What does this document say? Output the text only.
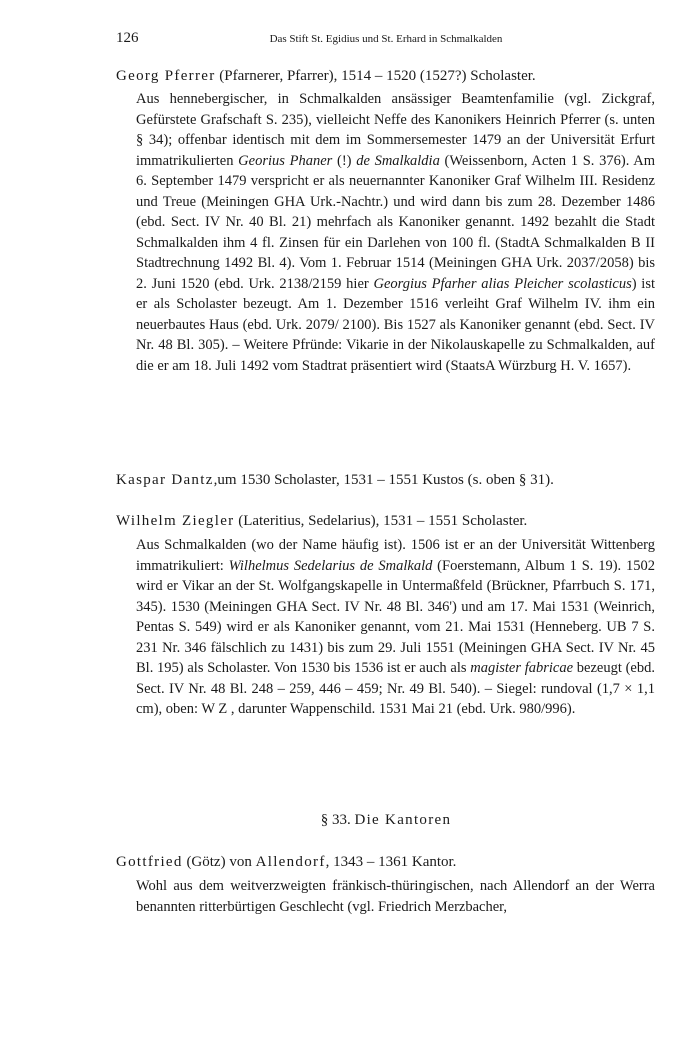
126	Das Stift St. Egidius und St. Erhard in Schmalkalden
Georg Pferrer (Pfarnerer, Pfarrer), 1514 – 1520 (1527?) Scholaster.
Aus hennebergischer, in Schmalkalden ansässiger Beamtenfamilie (vgl. Zickgraf, Gefürstete Grafschaft S. 235), vielleicht Neffe des Kanonikers Heinrich Pferrer (s. unten § 34); offenbar identisch mit dem im Sommersemester 1479 an der Universität Erfurt immatrikulierten Georius Phaner (!) de Smalkaldia (Weissenborn, Acten 1 S. 376). Am 6. September 1479 verspricht er als neuernannter Kanoniker Graf Wilhelm III. Residenz und Treue (Meiningen GHA Urk.-Nachtr.) und wird dann bis zum 28. Dezember 1486 (ebd. Sect. IV Nr. 40 Bl. 21) mehrfach als Kanoniker genannt. 1492 bezahlt die Stadt Schmalkalden ihm 4 fl. Zinsen für ein Darlehen von 100 fl. (StadtA Schmalkalden B II Stadtrechnung 1492 Bl. 4). Vom 1. Februar 1514 (Meiningen GHA Urk. 2037/2058) bis 2. Juni 1520 (ebd. Urk. 2138/2159 hier Georgius Pfarher alias Pleicher scolasticus) ist er als Scholaster bezeugt. Am 1. Dezember 1516 verleiht Graf Wilhelm IV. ihm ein neuerbautes Haus (ebd. Urk. 2079/ 2100). Bis 1527 als Kanoniker genannt (ebd. Sect. IV Nr. 48 Bl. 305). – Weitere Pfründe: Vikarie in der Nikolauskapelle zu Schmalkalden, auf die er am 18. Juli 1492 vom Stadtrat präsentiert wird (StaatsA Würzburg H. V. 1657).
Kaspar Dantz,um 1530 Scholaster, 1531 – 1551 Kustos (s. oben § 31).
Wilhelm Ziegler (Lateritius, Sedelarius), 1531 – 1551 Scholaster.
Aus Schmalkalden (wo der Name häufig ist). 1506 ist er an der Universität Wittenberg immatrikuliert: Wilhelmus Sedelarius de Smalkald (Foerstemann, Album 1 S. 19). 1502 wird er Vikar an der St. Wolfgangskapelle in Untermaßfeld (Brückner, Pfarrbuch S. 171, 345). 1530 (Meiningen GHA Sect. IV Nr. 48 Bl. 346') und am 17. Mai 1531 (Weinrich, Pentas S. 549) wird er als Kanoniker genannt, vom 21. Mai 1531 (Henneberg. UB 7 S. 231 Nr. 346 fälschlich zu 1431) bis zum 29. Juli 1551 (Meiningen GHA Sect. IV Nr. 45 Bl. 195) als Scholaster. Von 1530 bis 1536 ist er auch als magister fabricae bezeugt (ebd. Sect. IV Nr. 48 Bl. 248 – 259, 446 – 459; Nr. 49 Bl. 540). – Siegel: rundoval (1,7 × 1,1 cm), oben: W Z , darunter Wappenschild. 1531 Mai 21 (ebd. Urk. 980/996).
§ 33. Die Kantoren
Gottfried (Götz) von Allendorf, 1343 – 1361 Kantor.
Wohl aus dem weitverzweigten fränkisch-thüringischen, nach Allendorf an der Werra benannten ritterbürtigen Geschlecht (vgl. Friedrich Merzbacher,
